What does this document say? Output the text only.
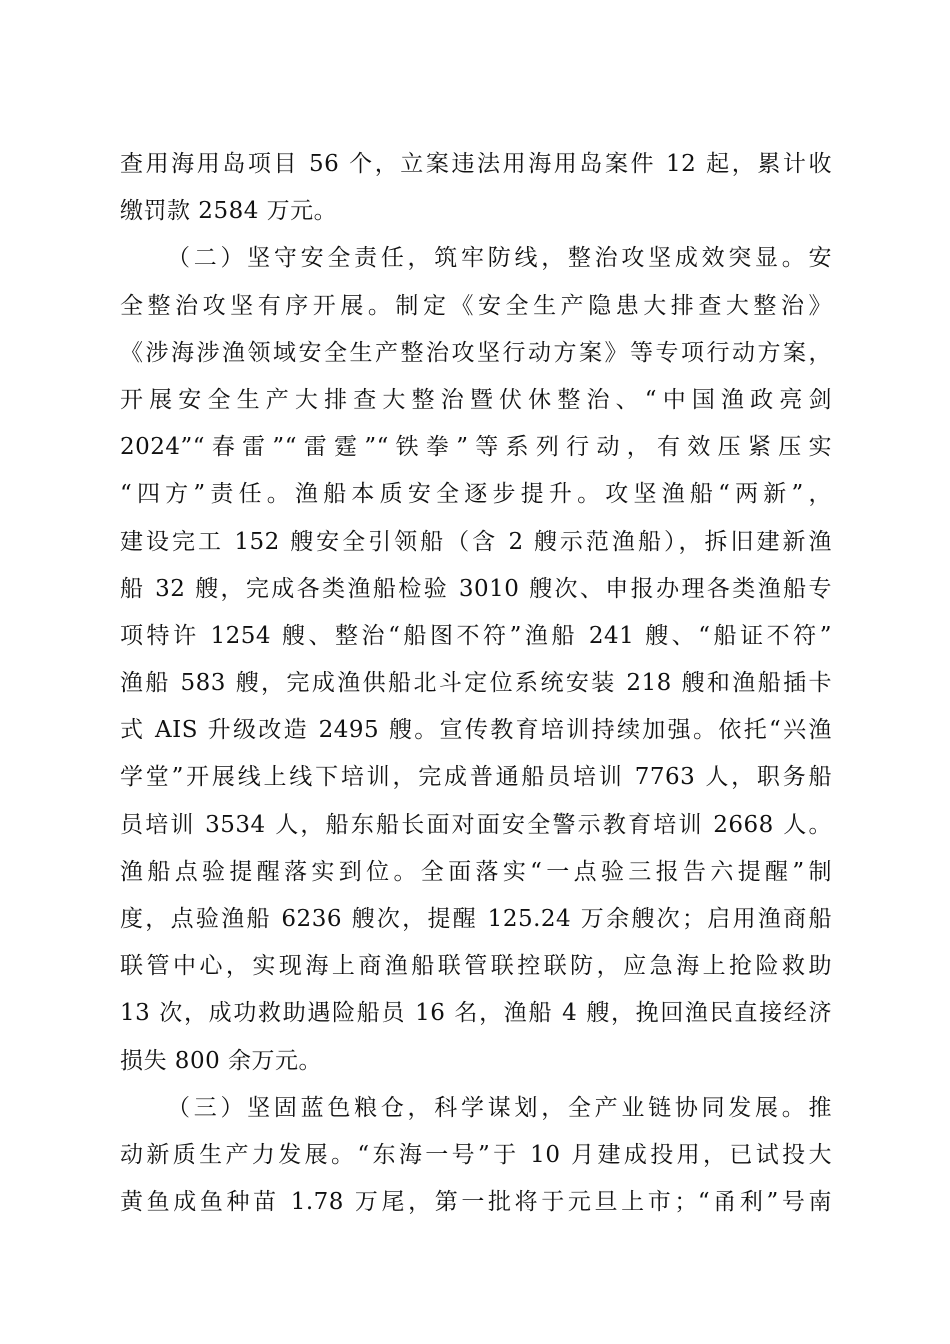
查用海用岛项目 56 个，立案违法用海用岛案件 12 起，累计收
缴罚款 2584 万元。
（二）坚守安全责任，筑牢防线，整治攻坚成效突显。安
全整治攻坚有序开展。制定《安全生产隐患大排查大整治》
《涉海涉渔领域安全生产整治攻坚行动方案》等专项行动方案，
开展安全生产大排查大整治暨伏休整治、“中国渔政亮剑
2024”“春雷”“雷霆”“铁拳”等系列行动，有效压紧压实
“四方”责任。渔船本质安全逐步提升。攻坚渔船“两新”，
建设完工 152 艘安全引领船（含 2 艘示范渔船），拆旧建新渔
船 32 艘，完成各类渔船检验 3010 艘次、申报办理各类渔船专
项特许 1254 艘、整治“船图不符”渔船 241 艘、“船证不符”
渔船 583 艘，完成渔供船北斗定位系统安装 218 艘和渔船插卡
式 AIS 升级改造 2495 艘。宣传教育培训持续加强。依托“兴渔
学堂”开展线上线下培训，完成普通船员培训 7763 人，职务船
员培训 3534 人，船东船长面对面安全警示教育培训 2668 人。
渔船点验提醒落实到位。全面落实“一点验三报告六提醒”制
度，点验渔船 6236 艘次，提醒 125.24 万余艘次；启用渔商船
联管中心，实现海上商渔船联管联控联防，应急海上抢险救助
13 次，成功救助遇险船员 16 名，渔船 4 艘，挽回渔民直接经济
损失 800 余万元。
（三）坚固蓝色粮仓，科学谋划，全产业链协同发展。推
动新质生产力发展。“东海一号”于 10 月建成投用，已试投大
黄鱼成鱼种苗 1.78 万尾，第一批将于元旦上市；“甬利”号南
